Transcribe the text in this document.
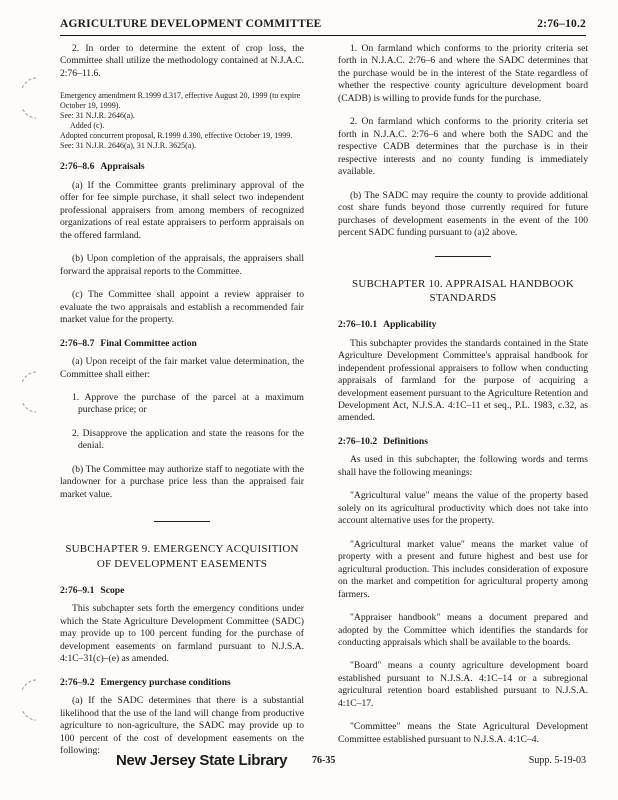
AGRICULTURE DEVELOPMENT COMMITTEE	2:76–10.2

2. In order to determine the extent of crop loss, the Committee shall utilize the methodology contained at N.J.A.C. 2:76–11.6.

Emergency amendment R.1999 d.317, effective August 20, 1999 (to expire October 19, 1999).
See: 31 N.J.R. 2646(a).
Added (c).
Adopted concurrent proposal, R.1999 d.390, effective October 19, 1999.
See: 31 N.J.R. 2646(a), 31 N.J.R. 3625(a).

2:76–8.6 Appraisals

(a) If the Committee grants preliminary approval of the offer for fee simple purchase, it shall select two independent professional appraisers from among members of recognized organizations of real estate appraisers to perform appraisals on the offered farmland.

(b) Upon completion of the appraisals, the appraisers shall forward the appraisal reports to the Committee.

(c) The Committee shall appoint a review appraiser to evaluate the two appraisals and establish a recommended fair market value for the property.

2:76–8.7 Final Committee action

(a) Upon receipt of the fair market value determination, the Committee shall either:

1. Approve the purchase of the parcel at a maximum purchase price; or

2. Disapprove the application and state the reasons for the denial.

(b) The Committee may authorize staff to negotiate with the landowner for a purchase price less than the appraised fair market value.

SUBCHAPTER 9. EMERGENCY ACQUISITION
OF DEVELOPMENT EASEMENTS
2:76–9.1 Scope

This subchapter sets forth the emergency conditions under which the State Agriculture Development Committee (SADC) may provide up to 100 percent funding for the purchase of development easements on farmland pursuant to N.J.S.A. 4:1C–31(c)–(e) as amended.

2:76–9.2 Emergency purchase conditions

(a) If the SADC determines that there is a substantial likelihood that the use of the land will change from productive agriculture to non-agriculture, the SADC may provide up to 100 percent of the cost of development easements on the following:

1. On farmland which conforms to the priority criteria set forth in N.J.A.C. 2:76–6 and where the SADC determines that the purchase would be in the interest of the State regardless of whether the respective county agriculture development board (CADB) is willing to provide funds for the purchase.

2. On farmland which conforms to the priority criteria set forth in N.J.A.C. 2:76–6 and where both the SADC and the respective CADB determines that the purchase is in their respective interests and no county funding is immediately available.

(b) The SADC may require the county to provide additional cost share funds beyond those currently required for future purchases of development easements in the event of the 100 percent SADC funding pursuant to (a)2 above.

SUBCHAPTER 10. APPRAISAL HANDBOOK
STANDARDS
2:76–10.1 Applicability

This subchapter provides the standards contained in the State Agriculture Development Committee's appraisal handbook for independent professional appraisers to follow when conducting appraisals of farmland for the purpose of acquiring a development easement pursuant to the Agriculture Retention and Development Act, N.J.S.A. 4:1C–11 et seq., P.L. 1983, c.32, as amended.

2:76–10.2 Definitions

As used in this subchapter, the following words and terms shall have the following meanings:

"Agricultural value" means the value of the property based solely on its agricultural productivity which does not take into account alternative uses for the property.

"Agricultural market value" means the market value of property with a present and future highest and best use for agricultural production. This includes consideration of exposure on the market and competition for agricultural property among farmers.

"Appraiser handbook" means a document prepared and adopted by the Committee which identifies the standards for conducting appraisals which shall be available to the boards.

"Board" means a county agriculture development board established pursuant to N.J.S.A. 4:1C–14 or a subregional agricultural retention board established pursuant to N.J.S.A. 4:1C–17.

"Committee" means the State Agricultural Development Committee established pursuant to N.J.S.A. 4:1C–4.

New Jersey State Library 76-35	Supp. 5-19-03
